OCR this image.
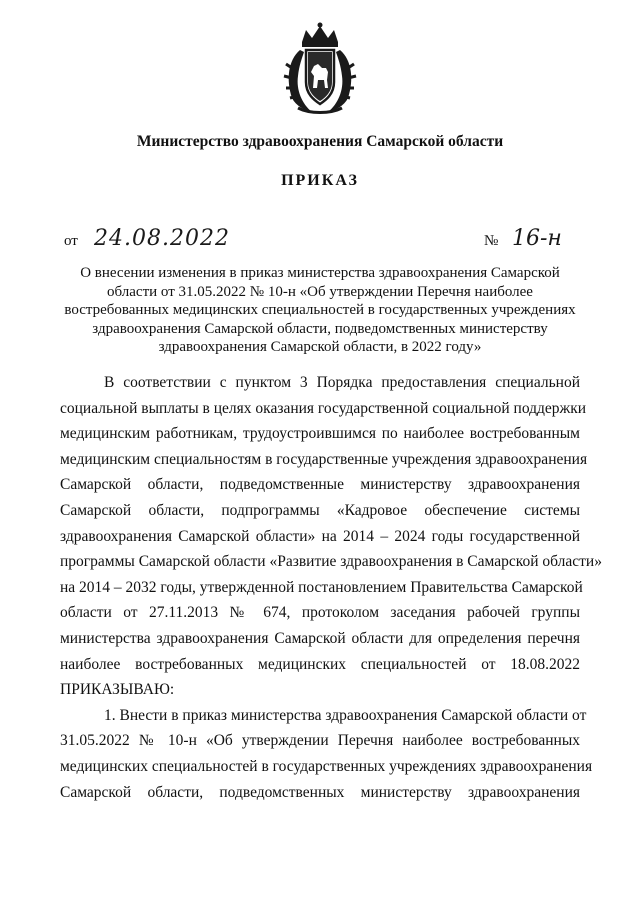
Министерство здравоохранения Самарской области
ПРИКАЗ
от 24.08.2022	№ 16-н
О внесении изменения в приказ министерства здравоохранения Самарской
области от 31.05.2022 № 10-н «Об утверждении Перечня наиболее
востребованных медицинских специальностей в государственных учреждениях
здравоохранения Самарской области, подведомственных министерству
здравоохранения Самарской области, в 2022 году»
В соответствии с пунктом 3 Порядка предоставления специальной
социальной выплаты в целях оказания государственной социальной поддержки
медицинским работникам, трудоустроившимся по наиболее востребованным
медицинским специальностям в государственные учреждения здравоохранения
Самарской области, подведомственные министерству здравоохранения
Самарской области, подпрограммы «Кадровое обеспечение системы
здравоохранения Самарской области» на 2014 – 2024 годы государственной
программы Самарской области «Развитие здравоохранения в Самарской области»
на 2014 – 2032 годы, утвержденной постановлением Правительства Самарской
области от 27.11.2013 № 674, протоколом заседания рабочей группы
министерства здравоохранения Самарской области для определения перечня
наиболее востребованных медицинских специальностей от 18.08.2022
ПРИКАЗЫВАЮ:
1. Внести в приказ министерства здравоохранения Самарской области от
31.05.2022 № 10-н «Об утверждении Перечня наиболее востребованных
медицинских специальностей в государственных учреждениях здравоохранения
Самарской области, подведомственных министерству здравоохранения
